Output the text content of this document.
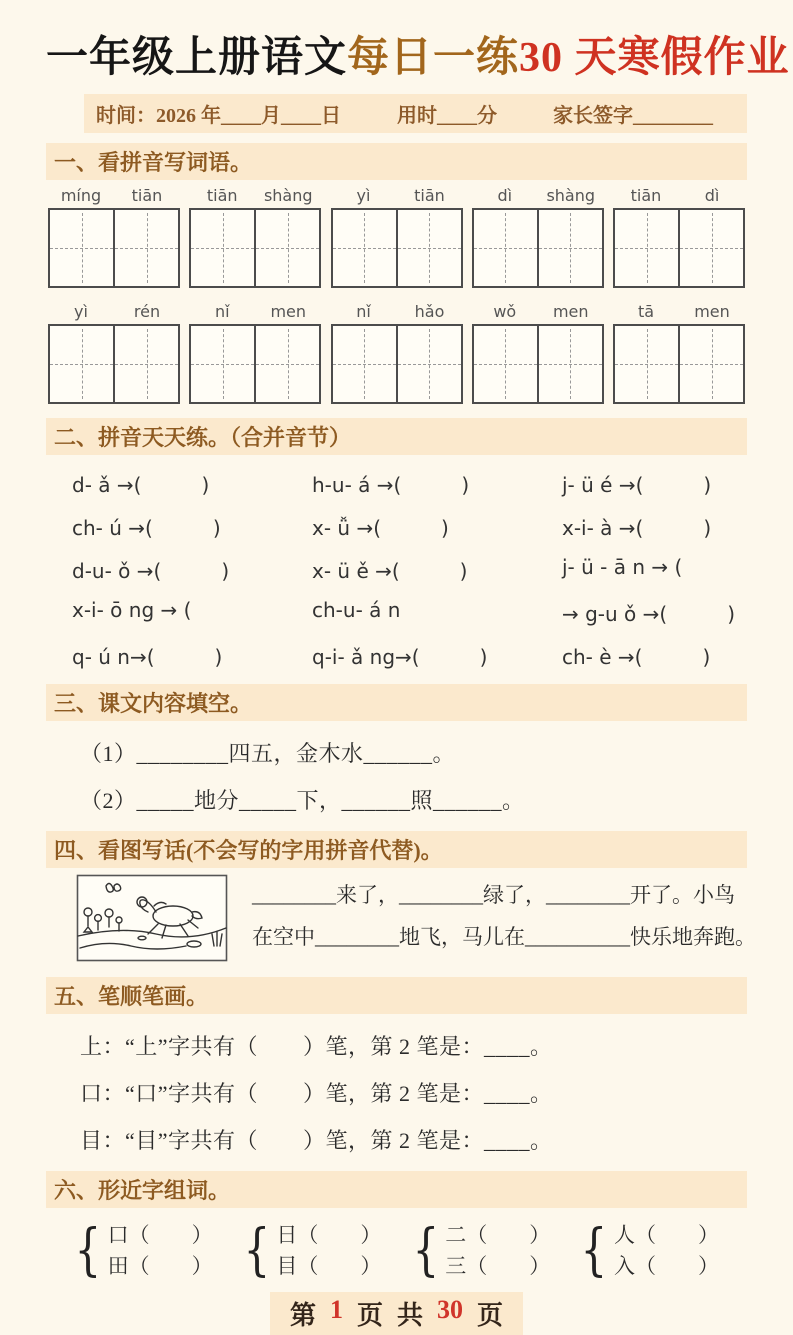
一年级上册语文每日一练30 天寒假作业
时间：2026 年____月____日	用时____分	家长签字________
一、看拼音写词语。
míng	tiān	tiān	shàng	yì	tiān	dì	shàng	tiān	dì
yì	rén	nǐ	men	nǐ	hǎo	wǒ	men	tā	men
二、拼音天天练。（合并音节）
d- ǎ →(　　　)	h-u- á →(　　　)	j- ü é →(　　　)
ch- ú →(　　　)	x- ǚ →(　　　)	x-i- à →(　　　)
d-u- ǒ →(　　　)	x- ü ě →(　　　)	j- ü - ā n → (
x-i- ō ng → (	ch-u- á n	→ g-u ǒ →(　　　)
q- ú n→(　　　)	q-i- ǎ ng→(　　　)	ch- è →(　　　)
三、课文内容填空。
（1）________四五，金木水______。
（2）_____地分_____下，______照______。
四、看图写话(不会写的字用拼音代替)。
________来了，________绿了，________开了。小鸟
在空中________地飞，马儿在__________快乐地奔跑。
五、笔顺笔画。
上：“上”字共有（　　）笔，第 2 笔是：____。
口：“口”字共有（　　）笔，第 2 笔是：____。
目：“目”字共有（　　）笔，第 2 笔是：____。
六、形近字组词。
{ 口（　　）
田（　　） { 日（　　）
目（　　） { 二（　　）
三（　　） { 人（　　）
入（　　）
第 1 页 共 30 页
